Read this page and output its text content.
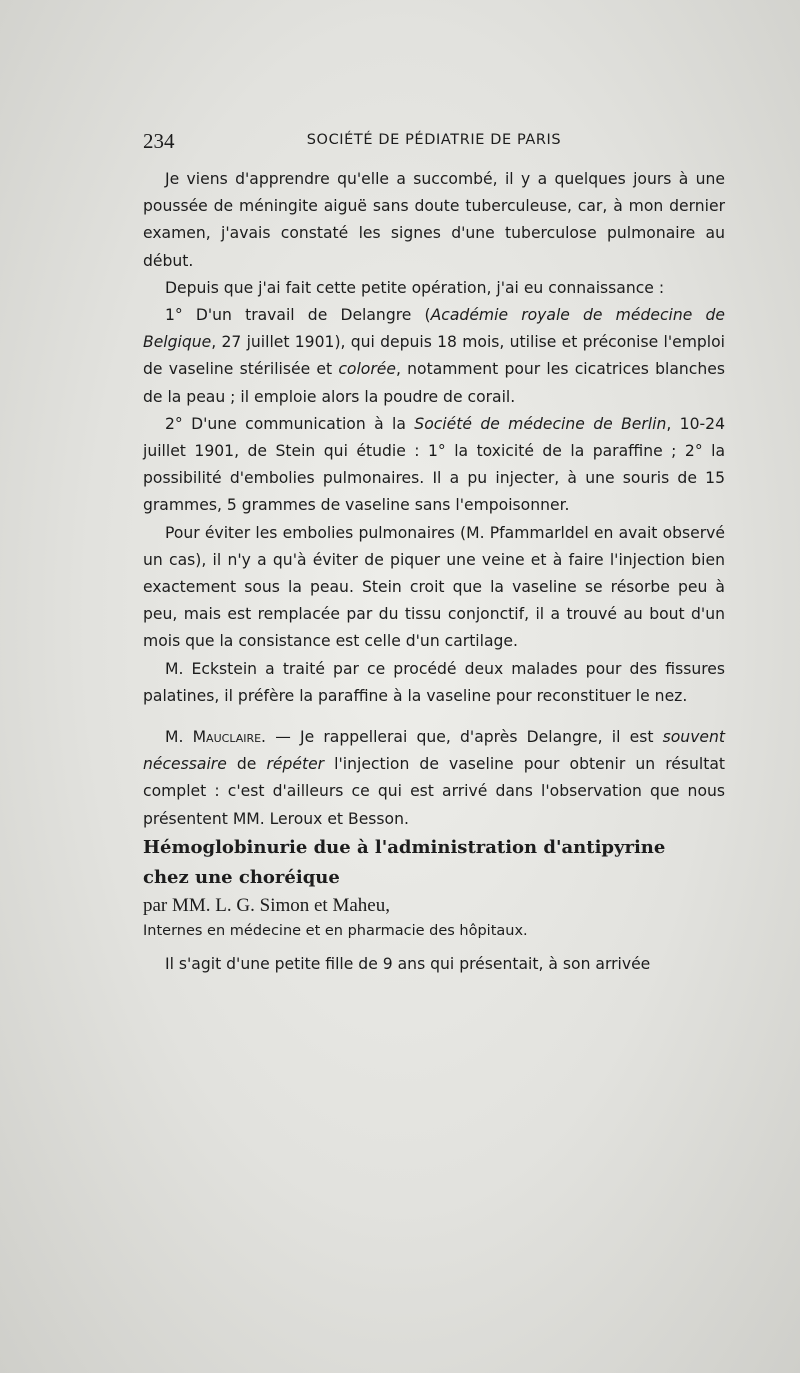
234	SOCIÉTÉ DE PÉDIATRIE DE PARIS

Je viens d'apprendre qu'elle a succombé, il y a quelques jours à une poussée de méningite aiguë sans doute tuberculeuse, car, à mon dernier examen, j'avais constaté les signes d'une tuberculose pulmonaire au début.

Depuis que j'ai fait cette petite opération, j'ai eu connaissance :

1° D'un travail de Delangre (Académie royale de médecine de Belgique, 27 juillet 1901), qui depuis 18 mois, utilise et préconise l'emploi de vaseline stérilisée et colorée, notamment pour les cicatrices blanches de la peau ; il emploie alors la poudre de corail.

2° D'une communication à la Société de médecine de Berlin, 10-24 juillet 1901, de Stein qui étudie : 1° la toxicité de la paraffine ; 2° la possibilité d'embolies pulmonaires. Il a pu injecter, à une souris de 15 grammes, 5 grammes de vaseline sans l'empoisonner.

Pour éviter les embolies pulmonaires (M. Pfammarldel en avait observé un cas), il n'y a qu'à éviter de piquer une veine et à faire l'injection bien exactement sous la peau. Stein croit que la vaseline se résorbe peu à peu, mais est remplacée par du tissu conjonctif, il a trouvé au bout d'un mois que la consistance est celle d'un cartilage.

M. Eckstein a traité par ce procédé deux malades pour des fissures palatines, il préfère la paraffine à la vaseline pour reconstituer le nez.

M. Mauclaire. — Je rappellerai que, d'après Delangre, il est souvent nécessaire de répéter l'injection de vaseline pour obtenir un résultat complet : c'est d'ailleurs ce qui est arrivé dans l'observation que nous présentent MM. Leroux et Besson.

Hémoglobinurie due à l'administration d'antipyrine
chez une choréique

par MM. L. G. Simon et Maheu,

Internes en médecine et en pharmacie des hôpitaux.

Il s'agit d'une petite fille de 9 ans qui présentait, à son arrivée
